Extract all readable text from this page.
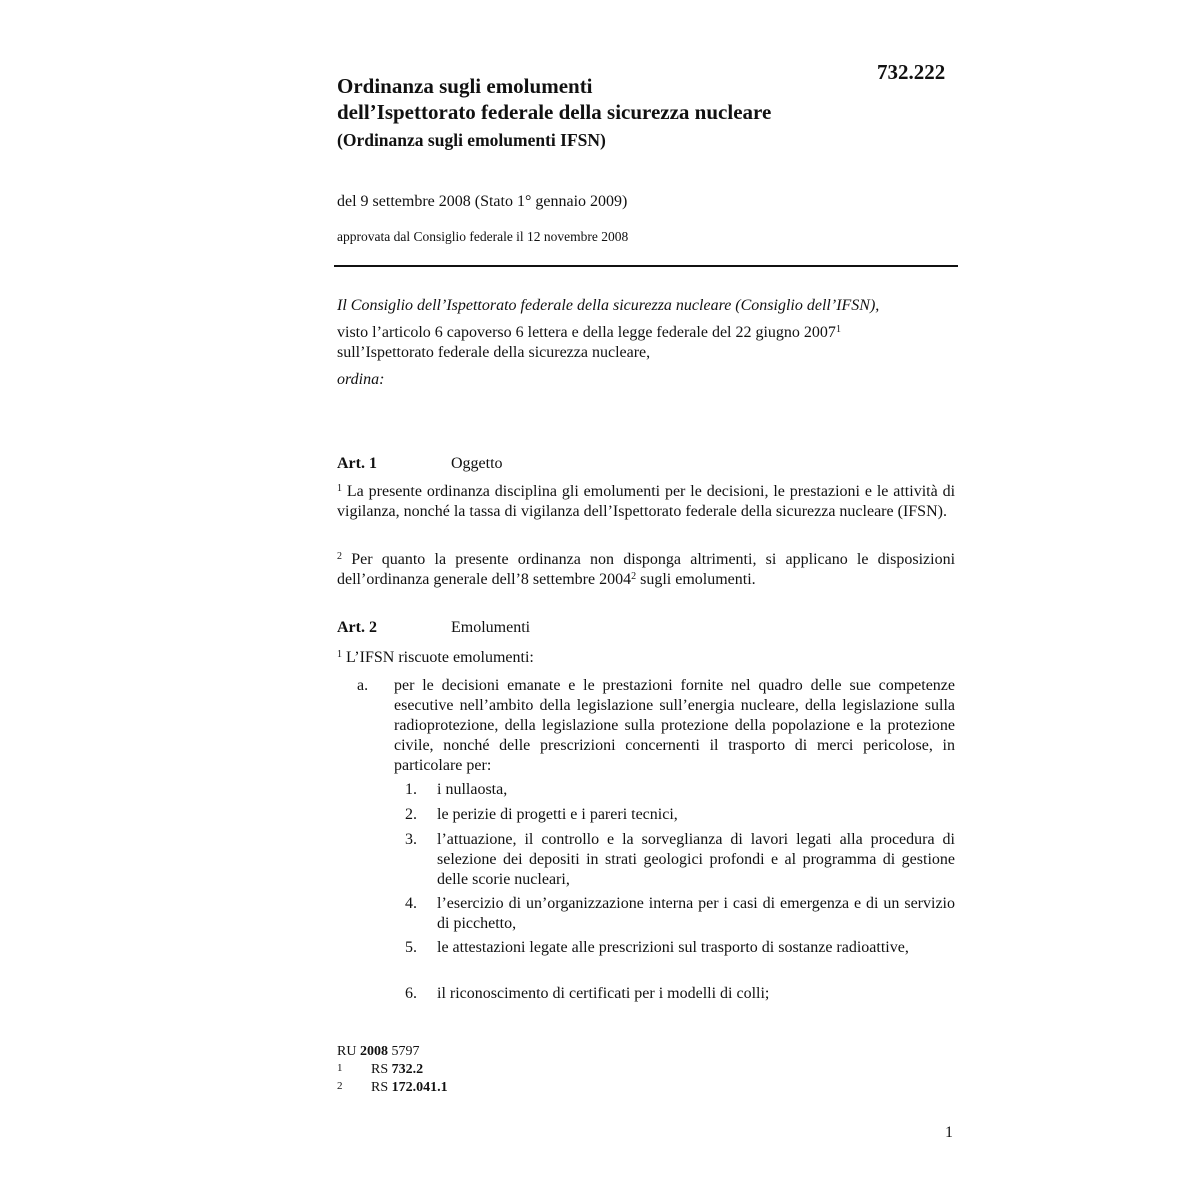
732.222
Ordinanza sugli emolumenti
dell’Ispettorato federale della sicurezza nucleare
(Ordinanza sugli emolumenti IFSN)
del 9 settembre 2008 (Stato 1° gennaio 2009)
approvata dal Consiglio federale il 12 novembre 2008
Il Consiglio dell’Ispettorato federale della sicurezza nucleare (Consiglio dell’IFSN),
visto l’articolo 6 capoverso 6 lettera e della legge federale del 22 giugno 2007$^1$
sull’Ispettorato federale della sicurezza nucleare,
ordina:
Art. 1	Oggetto
$^1$ La presente ordinanza disciplina gli emolumenti per le decisioni, le prestazioni e le attività di vigilanza, nonché la tassa di vigilanza dell’Ispettorato federale della sicurezza nucleare (IFSN).
$^2$ Per quanto la presente ordinanza non disponga altrimenti, si applicano le disposizioni dell’ordinanza generale dell’8 settembre 2004$^2$ sugli emolumenti.
Art. 2	Emolumenti
$^1$ L’IFSN riscuote emolumenti:
a. per le decisioni emanate e le prestazioni fornite nel quadro delle sue competenze esecutive nell’ambito della legislazione sull’energia nucleare, della legislazione sulla radioprotezione, della legislazione sulla protezione della popolazione e la protezione civile, nonché delle prescrizioni concernenti il trasporto di merci pericolose, in particolare per:
1. i nullaosta,
2. le perizie di progetti e i pareri tecnici,
3. l’attuazione, il controllo e la sorveglianza di lavori legati alla procedura di selezione dei depositi in strati geologici profondi e al programma di gestione delle scorie nucleari,
4. l’esercizio di un’organizzazione interna per i casi di emergenza e di un servizio di picchetto,
5. le attestazioni legate alle prescrizioni sul trasporto di sostanze radioattive,
6. il riconoscimento di certificati per i modelli di colli;
RU 2008 5797
1 RS 732.2
2 RS 172.041.1
1
